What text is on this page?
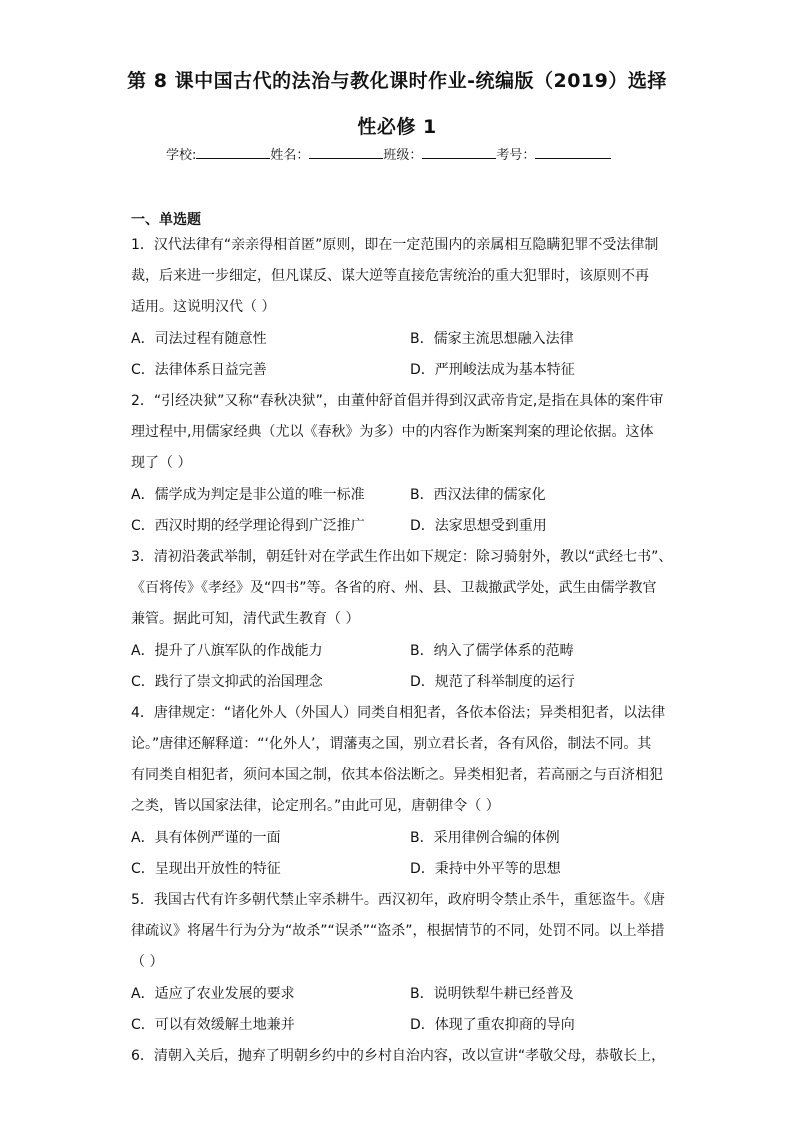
第 8 课中国古代的法治与教化课时作业-统编版（2019）选择
性必修 1
学校:	姓名：	班级：	考号：
一、单选题
1．汉代法律有“亲亲得相首匿”原则，即在一定范围内的亲属相互隐瞒犯罪不受法律制
裁，后来进一步细定，但凡谋反、谋大逆等直接危害统治的重大犯罪时，该原则不再
适用。这说明汉代（ ）
A．司法过程有随意性	B．儒家主流思想融入法律
C．法律体系日益完善	D．严刑峻法成为基本特征
2．“引经决狱”又称“春秋决狱”，由董仲舒首倡并得到汉武帝肯定,是指在具体的案件审
理过程中,用儒家经典（尤以《春秋》为多）中的内容作为断案判案的理论依据。这体
现了（ ）
A．儒学成为判定是非公道的唯一标准	B．西汉法律的儒家化
C．西汉时期的经学理论得到广泛推广	D．法家思想受到重用
3．清初沿袭武举制，朝廷针对在学武生作出如下规定：除习骑射外，教以“武经七书”、
《百将传》《孝经》及“四书”等。各省的府、州、县、卫裁撤武学处，武生由儒学教官
兼管。据此可知，清代武生教育（ ）
A．提升了八旗军队的作战能力	B．纳入了儒学体系的范畴
C．践行了崇文抑武的治国理念	D．规范了科举制度的运行
4．唐律规定：“诸化外人（外国人）同类自相犯者，各依本俗法；异类相犯者，以法律
论。”唐律还解释道：“‘化外人’，谓藩夷之国，别立君长者，各有风俗，制法不同。其
有同类自相犯者，须问本国之制，依其本俗法断之。异类相犯者，若高丽之与百济相犯
之类，皆以国家法律，论定刑名。”由此可见，唐朝律令（ ）
A．具有体例严谨的一面	B．采用律例合编的体例
C．呈现出开放性的特征	D．秉持中外平等的思想
5．我国古代有许多朝代禁止宰杀耕牛。西汉初年，政府明令禁止杀牛，重惩盗牛。《唐
律疏议》将屠牛行为分为“故杀”“误杀”“盗杀”，根据情节的不同，处罚不同。以上举措
（ ）
A．适应了农业发展的要求	B．说明铁犁牛耕已经普及
C．可以有效缓解土地兼并	D．体现了重农抑商的导向
6．清朝入关后，抛弃了明朝乡约中的乡村自治内容，改以宣讲“孝敬父母，恭敬长上，
